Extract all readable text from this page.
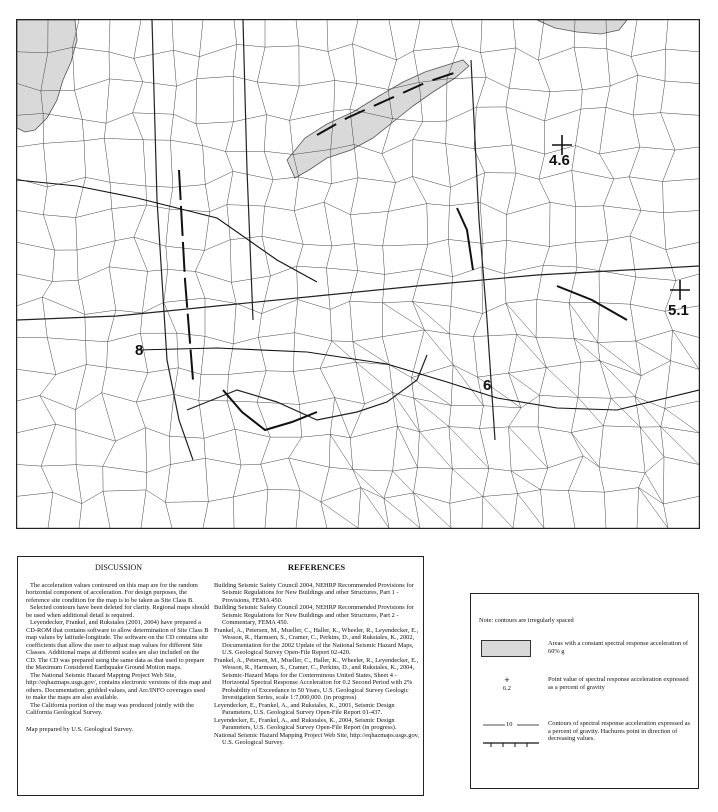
8
6
4.6
5.1
DISCUSSION

The acceleration values contoured on this map are for the random horizontal component of acceleration. For design purposes, the reference site condition for the map is to be taken as Site Class B.

Selected contours have been deleted for clarity. Regional maps should be used when additional detail is required.

Leyendecker, Frankel, and Rukstales (2001, 2004) have prepared a CD-ROM that contains software to allow determination of Site Class B map values by latitude-longitude. The software on the CD contains site coefficients that allow the user to adjust map values for different Site Classes. Additional maps at different scales are also included on the CD. The CD was prepared using the same data as that used to prepare the Maximum Considered Earthquake Ground Motion maps.

The National Seismic Hazard Mapping Project Web Site, http://eqhazmaps.usgs.gov/, contains electronic versions of this map and others. Documentation, gridded values, and Arc/INFO coverages used to make the maps are also available.

The California portion of the map was produced jointly with the California Geological Survey.

Map prepared by U.S. Geological Survey.

REFERENCES

Building Seismic Safety Council 2004, NEHRP Recommended Provisions for Seismic Regulations for New Buildings and other Structures, Part 1 - Provisions, FEMA 450.

Building Seismic Safety Council 2004, NEHRP Recommended Provisions for Seismic Regulations for New Buildings and other Structures, Part 2 - Commentary, FEMA 450.

Frankel, A., Petersen, M., Mueller, C., Haller, K., Wheeler, R., Leyendecker, E., Wesson, R., Harmsen, S., Cramer, C., Perkins, D., and Rukstales, K., 2002, Documentation for the 2002 Update of the National Seismic Hazard Maps, U.S. Geological Survey Open-File Report 02-420.

Frankel, A., Petersen, M., Mueller, C., Haller, K., Wheeler, R., Leyendecker, E., Wesson, R., Harmsen, S., Cramer, C., Perkins, D., and Rukstales, K., 2004, Seismic-Hazard Maps for the Conterminous United States, Sheet 4 - Horizontal Spectral Response Acceleration for 0.2 Second Period with 2% Probability of Exceedance in 50 Years, U.S. Geological Survey Geologic Investigation Series, scale 1:7,000,000. (in progress)

Leyendecker, E., Frankel, A., and Rukstales, K., 2001, Seismic Design Parameters, U.S. Geological Survey Open-File Report 01-437.

Leyendecker, E., Frankel, A., and Rukstales, K., 2004, Seismic Design Parameters, U.S. Geological Survey Open-File Report (in progress).

National Seismic Hazard Mapping Project Web Site, http://eqhazmaps.usgs.gov, U.S. Geological Survey.

Note: contours are irregularly spaced
Areas with a constant spectral response acceleration of 60% g
+
6.2
Point value of spectral response acceleration expressed as a percent of gravity
10	Contours of spectral response acceleration expressed as a percent of gravity. Hachures point in direction of decreasing values.
